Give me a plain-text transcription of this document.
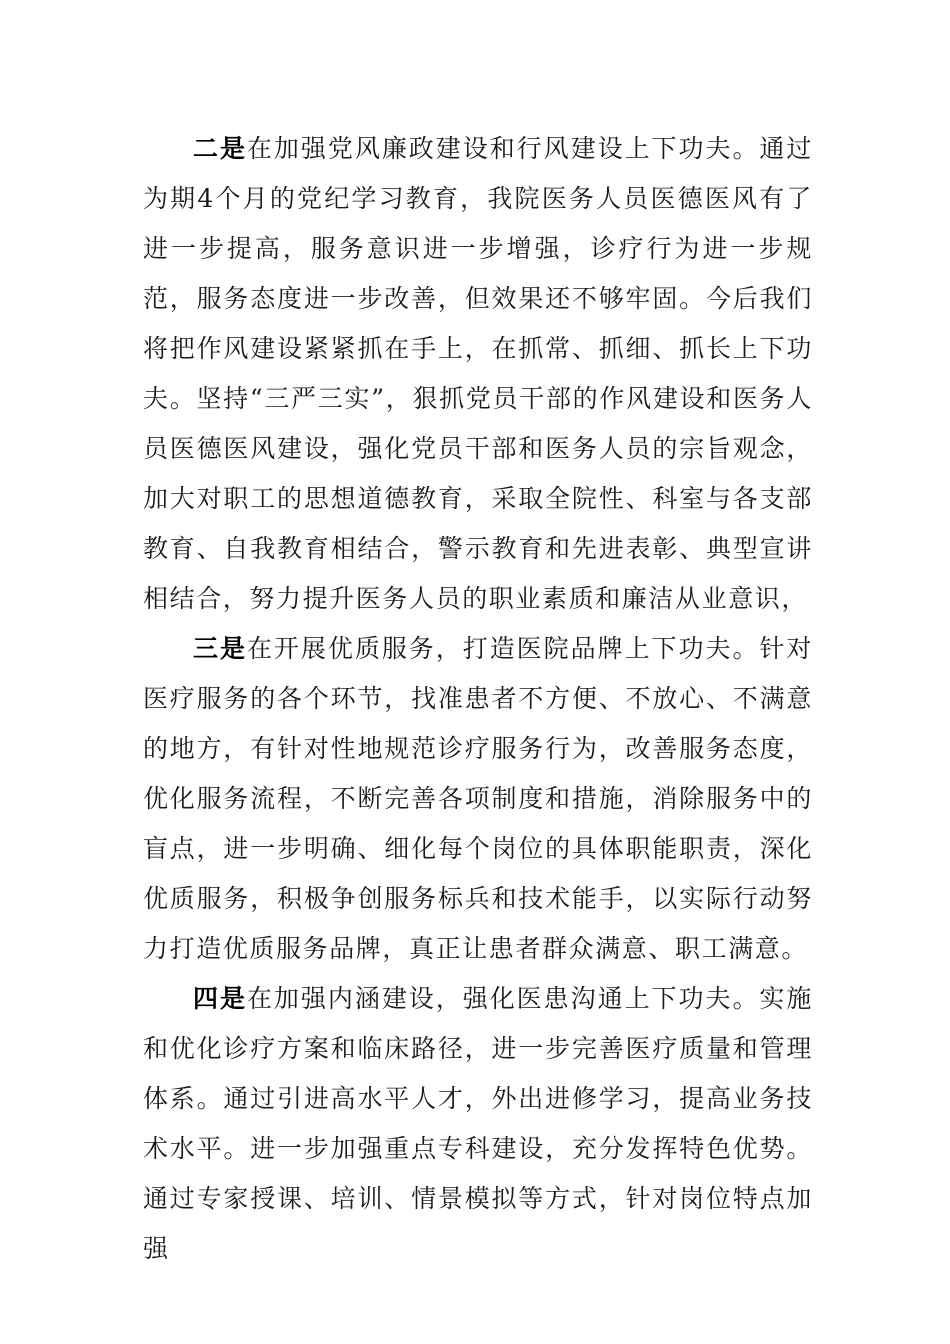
二是在加强党风廉政建设和行风建设上下功夫。通过为期4个月的党纪学习教育，我院医务人员医德医风有了进一步提高，服务意识进一步增强，诊疗行为进一步规范，服务态度进一步改善，但效果还不够牢固。今后我们将把作风建设紧紧抓在手上，在抓常、抓细、抓长上下功夫。坚持“三严三实”，狠抓党员干部的作风建设和医务人员医德医风建设，强化党员干部和医务人员的宗旨观念，加大对职工的思想道德教育，采取全院性、科室与各支部教育、自我教育相结合，警示教育和先进表彰、典型宣讲相结合，努力提升医务人员的职业素质和廉洁从业意识，

三是在开展优质服务，打造医院品牌上下功夫。针对医疗服务的各个环节，找准患者不方便、不放心、不满意的地方，有针对性地规范诊疗服务行为，改善服务态度，优化服务流程，不断完善各项制度和措施，消除服务中的盲点，进一步明确、细化每个岗位的具体职能职责，深化优质服务，积极争创服务标兵和技术能手，以实际行动努力打造优质服务品牌，真正让患者群众满意、职工满意。

四是在加强内涵建设，强化医患沟通上下功夫。实施和优化诊疗方案和临床路径，进一步完善医疗质量和管理体系。通过引进高水平人才，外出进修学习，提高业务技术水平。进一步加强重点专科建设，充分发挥特色优势。通过专家授课、培训、情景模拟等方式，针对岗位特点加强
